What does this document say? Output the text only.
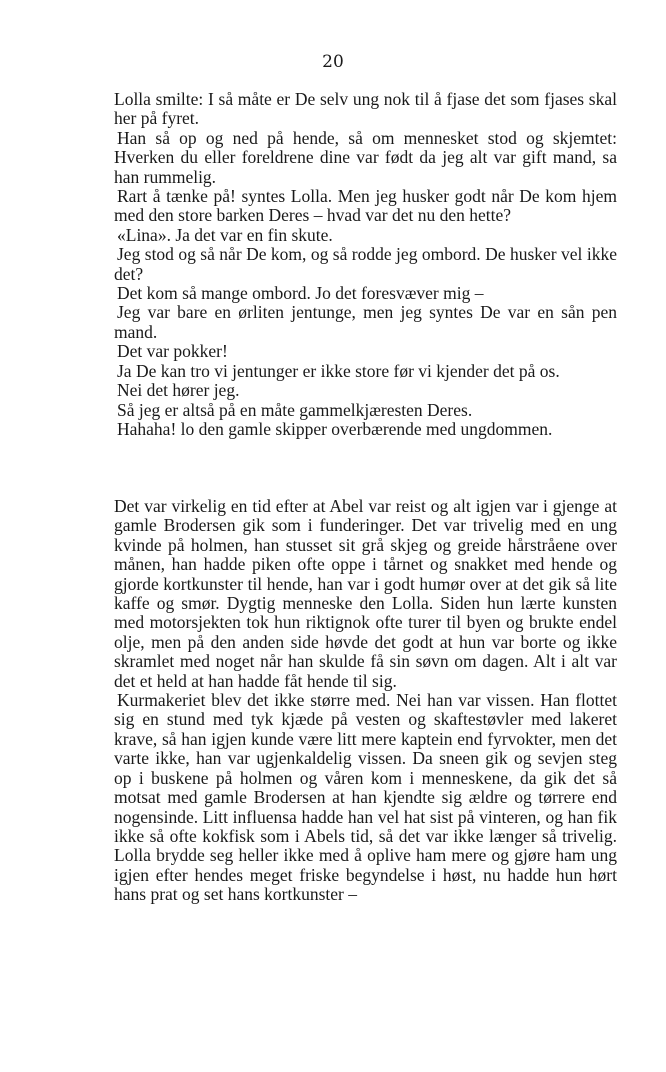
20

Lolla smilte: I så måte er De selv ung nok til å fjase det som fjases skal her på fyret.

Han så op og ned på hende, så om mennesket stod og skjemtet: Hverken du eller foreldrene dine var født da jeg alt var gift mand, sa han rummelig.

Rart å tænke på! syntes Lolla. Men jeg husker godt når De kom hjem med den store barken Deres – hvad var det nu den hette?

«Lina». Ja det var en fin skute.

Jeg stod og så når De kom, og så rodde jeg ombord. De husker vel ikke det?

Det kom så mange ombord. Jo det foresvæver mig –

Jeg var bare en ørliten jentunge, men jeg syntes De var en sån pen mand.

Det var pokker!

Ja De kan tro vi jentunger er ikke store før vi kjender det på os.

Nei det hører jeg.

Så jeg er altså på en måte gammelkjæresten Deres.

Hahaha! lo den gamle skipper overbærende med ungdommen.

Det var virkelig en tid efter at Abel var reist og alt igjen var i gjenge at gamle Brodersen gik som i funderinger. Det var trivelig med en ung kvinde på holmen, han stusset sit grå skjeg og greide hårstråene over månen, han hadde piken ofte oppe i tårnet og snakket med hende og gjorde kortkunster til hende, han var i godt humør over at det gik så lite kaffe og smør. Dygtig menneske den Lolla. Siden hun lærte kunsten med motorsjekten tok hun riktignok ofte turer til byen og brukte endel olje, men på den anden side høvde det godt at hun var borte og ikke skramlet med noget når han skulde få sin søvn om dagen. Alt i alt var det et held at han hadde fåt hende til sig.

Kurmakeriet blev det ikke større med. Nei han var vissen. Han flottet sig en stund med tyk kjæde på vesten og skaftestøvler med lakeret krave, så han igjen kunde være litt mere kaptein end fyrvokter, men det varte ikke, han var ugjenkaldelig vissen. Da sneen gik og sevjen steg op i buskene på holmen og våren kom i menneskene, da gik det så motsat med gamle Brodersen at han kjendte sig ældre og tørrere end nogensinde. Litt influensa hadde han vel hat sist på vinteren, og han fik ikke så ofte kokfisk som i Abels tid, så det var ikke længer så trivelig. Lolla brydde seg heller ikke med å oplive ham mere og gjøre ham ung igjen efter hendes meget friske begyndelse i høst, nu hadde hun hørt hans prat og set hans kortkunster –
